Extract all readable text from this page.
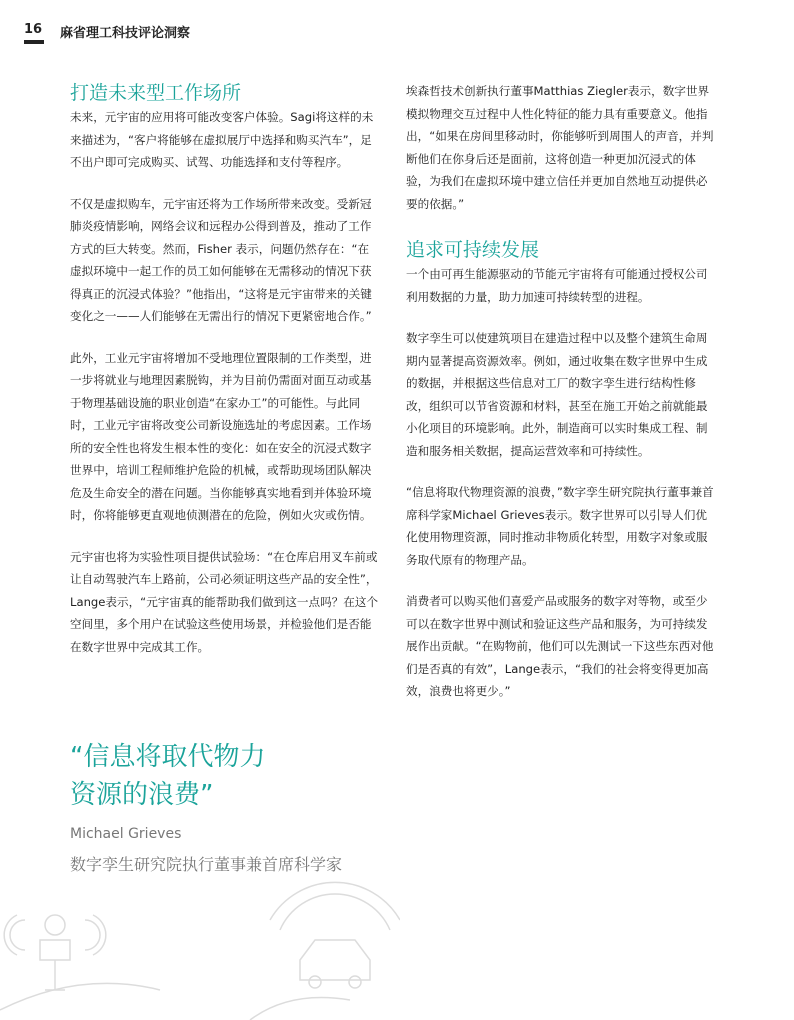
16 麻省理工科技评论洞察
打造未来型工作场所

未来，元宇宙的应用将可能改变客户体验。Sagi将这样的未来描述为，“客户将能够在虚拟展厅中选择和购买汽车”，足不出户即可完成购买、试驾、功能选择和支付等程序。

不仅是虚拟购车，元宇宙还将为工作场所带来改变。受新冠肺炎疫情影响，网络会议和远程办公得到普及，推动了工作方式的巨大转变。然而，Fisher 表示，问题仍然存在：“在虚拟环境中一起工作的员工如何能够在无需移动的情况下获得真正的沉浸式体验？”他指出，“这将是元宇宙带来的关键变化之一——人们能够在无需出行的情况下更紧密地合作。”

此外，工业元宇宙将增加不受地理位置限制的工作类型，进一步将就业与地理因素脱钩，并为目前仍需面对面互动或基于物理基础设施的职业创造“在家办工”的可能性。与此同时，工业元宇宙将改变公司新设施选址的考虑因素。工作场所的安全性也将发生根本性的变化：如在安全的沉浸式数字世界中，培训工程师维护危险的机械，或帮助现场团队解决危及生命安全的潜在问题。当你能够真实地看到并体验环境时，你将能够更直观地侦测潜在的危险，例如火灾或伤情。

元宇宙也将为实验性项目提供试验场：“在仓库启用叉车前或让自动驾驶汽车上路前，公司必须证明这些产品的安全性”，Lange表示，“元宇宙真的能帮助我们做到这一点吗？在这个空间里，多个用户在试验这些使用场景，并检验他们是否能在数字世界中完成其工作。

“信息将取代物力
资源的浪费”
Michael Grieves
数字孪生研究院执行董事兼首席科学家

埃森哲技术创新执行董事Matthias Ziegler表示，数字世界模拟物理交互过程中人性化特征的能力具有重要意义。他指出，“如果在房间里移动时，你能够听到周围人的声音，并判断他们在你身后还是面前，这将创造一种更加沉浸式的体验，为我们在虚拟环境中建立信任并更加自然地互动提供必要的依据。”

追求可持续发展

一个由可再生能源驱动的节能元宇宙将有可能通过授权公司利用数据的力量，助力加速可持续转型的进程。

数字孪生可以使建筑项目在建造过程中以及整个建筑生命周期内显著提高资源效率。例如，通过收集在数字世界中生成的数据，并根据这些信息对工厂的数字孪生进行结构性修改，组织可以节省资源和材料，甚至在施工开始之前就能最小化项目的环境影响。此外，制造商可以实时集成工程、制造和服务相关数据，提高运营效率和可持续性。

“信息将取代物理资源的浪费，”数字孪生研究院执行董事兼首席科学家Michael Grieves表示。数字世界可以引导人们优化使用物理资源，同时推动非物质化转型，用数字对象或服务取代原有的物理产品。

消费者可以购买他们喜爱产品或服务的数字对等物，或至少可以在数字世界中测试和验证这些产品和服务，为可持续发展作出贡献。“在购物前，他们可以先测试一下这些东西对他们是否真的有效”，Lange表示，“我们的社会将变得更加高效，浪费也将更少。”
